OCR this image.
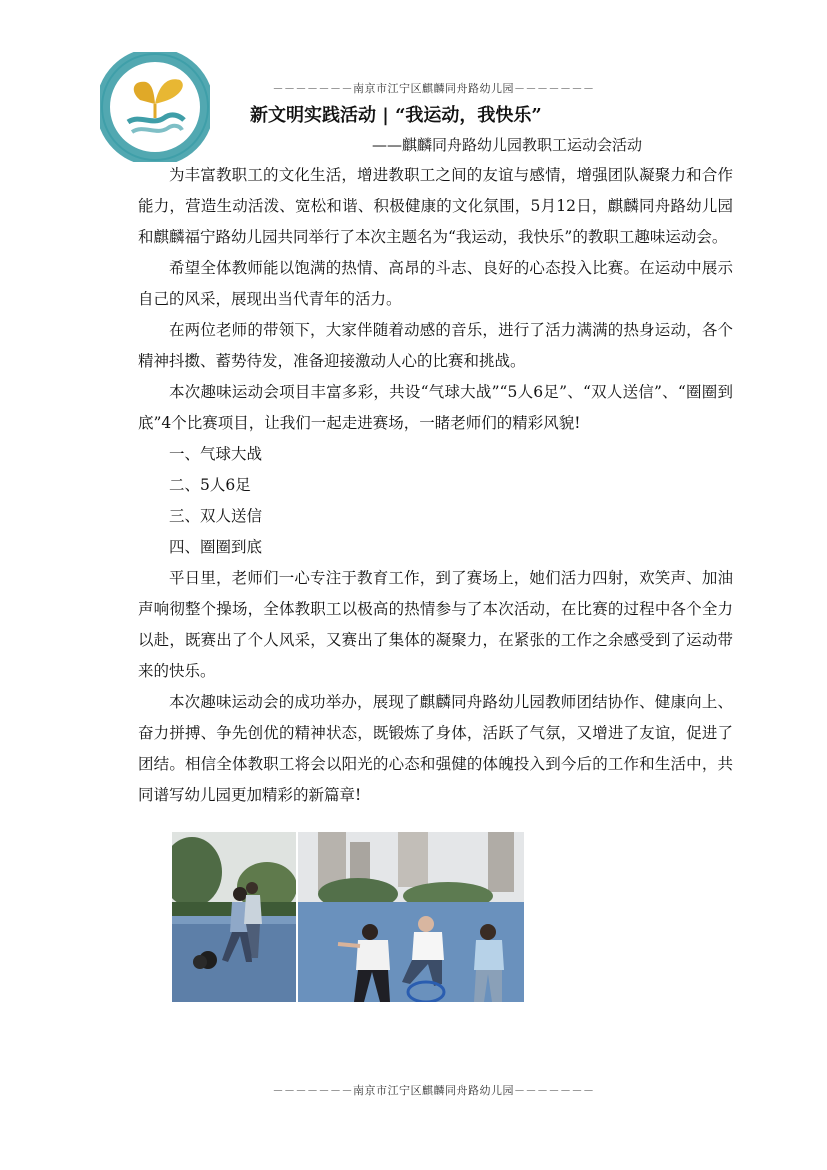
－－－－－－－南京市江宁区麒麟同舟路幼儿园－－－－－－－
新文明实践活动 | “我运动，我快乐”
——麒麟同舟路幼儿园教职工运动会活动

为丰富教职工的文化生活，增进教职工之间的友谊与感情，增强团队凝聚力和合作能力，营造生动活泼、宽松和谐、积极健康的文化氛围，5月12日，麒麟同舟路幼儿园和麒麟福宁路幼儿园共同举行了本次主题名为“我运动，我快乐”的教职工趣味运动会。

希望全体教师能以饱满的热情、高昂的斗志、良好的心态投入比赛。在运动中展示自己的风采，展现出当代青年的活力。

在两位老师的带领下，大家伴随着动感的音乐，进行了活力满满的热身运动，各个精神抖擞、蓄势待发，准备迎接激动人心的比赛和挑战。

本次趣味运动会项目丰富多彩，共设“气球大战”“5人6足”、“双人送信”、“圈圈到底”4个比赛项目，让我们一起走进赛场，一睹老师们的精彩风貌!

一、气球大战

二、5人6足

三、双人送信

四、圈圈到底

平日里，老师们一心专注于教育工作，到了赛场上，她们活力四射，欢笑声、加油声响彻整个操场，全体教职工以极高的热情参与了本次活动，在比赛的过程中各个全力以赴，既赛出了个人风采，又赛出了集体的凝聚力，在紧张的工作之余感受到了运动带来的快乐。

本次趣味运动会的成功举办，展现了麒麟同舟路幼儿园教师团结协作、健康向上、奋力拼搏、争先创优的精神状态，既锻炼了身体，活跃了气氛，又增进了友谊，促进了团结。相信全体教职工将会以阳光的心态和强健的体魄投入到今后的工作和生活中，共同谱写幼儿园更加精彩的新篇章!

－－－－－－－南京市江宁区麒麟同舟路幼儿园－－－－－－－
